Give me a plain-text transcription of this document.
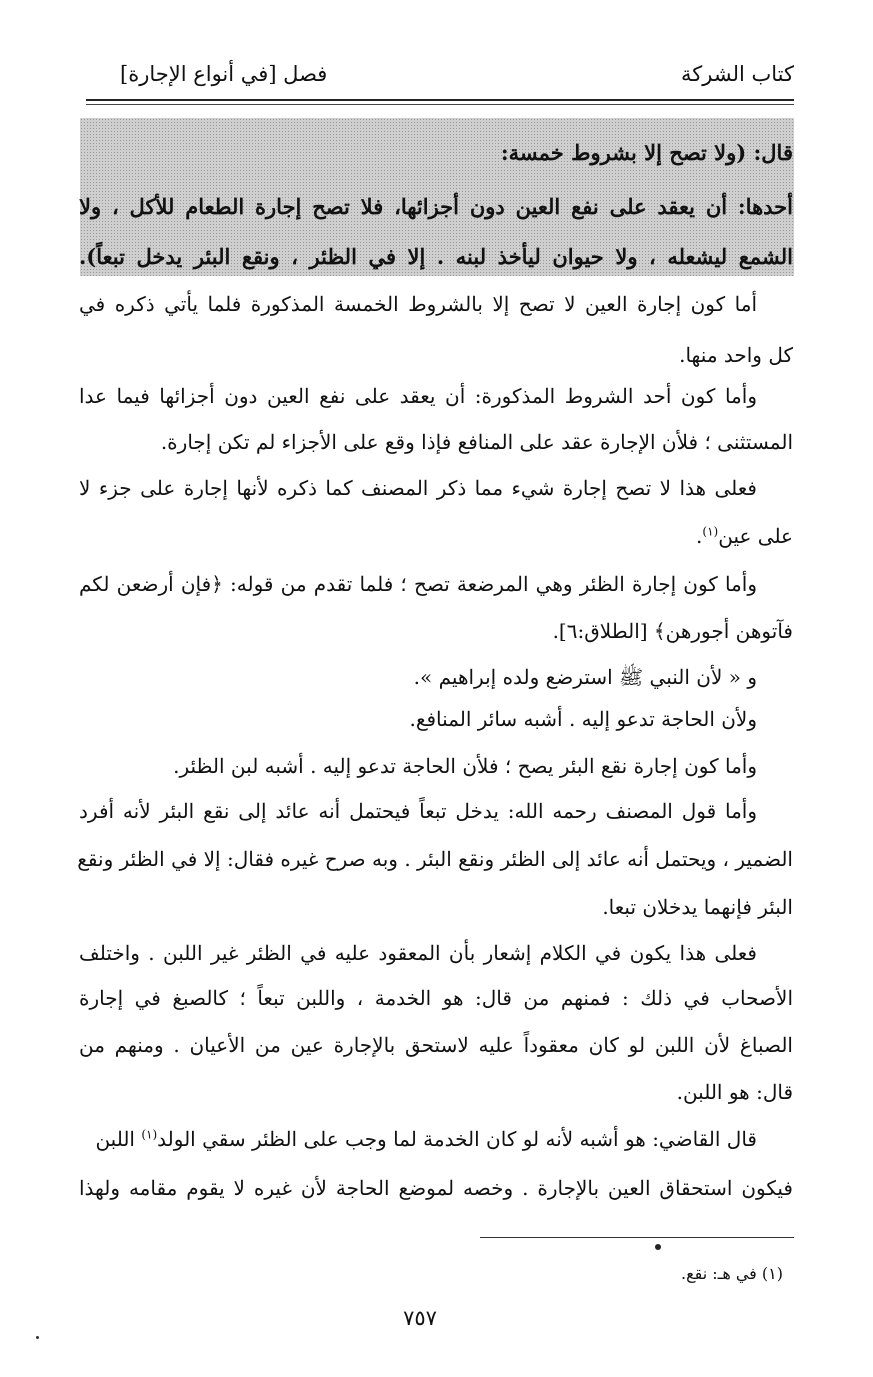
كتاب الشركة
فصل [في أنواع الإجارة]
قال: (ولا تصح إلا بشروط خمسة:
أحدها: أن يعقد على نفع العين دون أجزائها، فلا تصح إجارة الطعام للأكل ، ولا
الشمع ليشعله ، ولا حيوان ليأخذ لبنه . إلا في الظئر ، ونقع البئر يدخل تبعاً).
أما كون إجارة العين لا تصح إلا بالشروط الخمسة المذكورة فلما يأتي ذكره في
كل واحد منها.
وأما كون أحد الشروط المذكورة: أن يعقد على نفع العين دون أجزائها فيما عدا
المستثنى ؛ فلأن الإجارة عقد على المنافع فإذا وقع على الأجزاء لم تكن إجارة.
فعلى هذا لا تصح إجارة شيء مما ذكر المصنف كما ذكره لأنها إجارة على جزء لا
على عين$^{(١)}$.
وأما كون إجارة الظئر وهي المرضعة تصح ؛ فلما تقدم من قوله: ﴿فإن أرضعن لكم
فآتوهن أجورهن﴾ [الطلاق:٦].
و « لأن النبي ﷺ استرضع ولده إبراهيم ».
ولأن الحاجة تدعو إليه . أشبه سائر المنافع.
وأما كون إجارة نقع البئر يصح ؛ فلأن الحاجة تدعو إليه . أشبه لبن الظئر.
وأما قول المصنف رحمه الله: يدخل تبعاً فيحتمل أنه عائد إلى نقع البئر لأنه أفرد
الضمير ، ويحتمل أنه عائد إلى الظئر ونقع البئر . وبه صرح غيره فقال: إلا في الظئر ونقع
البئر فإنهما يدخلان تبعا.
فعلى هذا يكون في الكلام إشعار بأن المعقود عليه في الظئر غير اللبن . واختلف
الأصحاب في ذلك : فمنهم من قال: هو الخدمة ، واللبن تبعاً ؛ كالصبغ في إجارة
الصباغ لأن اللبن لو كان معقوداً عليه لاستحق بالإجارة عين من الأعيان . ومنهم من
قال: هو اللبن.
قال القاضي: هو أشبه لأنه لو كان الخدمة لما وجب على الظئر سقي الولد$^{(١)}$ اللبن
فيكون استحقاق العين بالإجارة . وخصه لموضع الحاجة لأن غيره لا يقوم مقامه ولهذا
(١) في هـ: نقع.
٧٥٧
